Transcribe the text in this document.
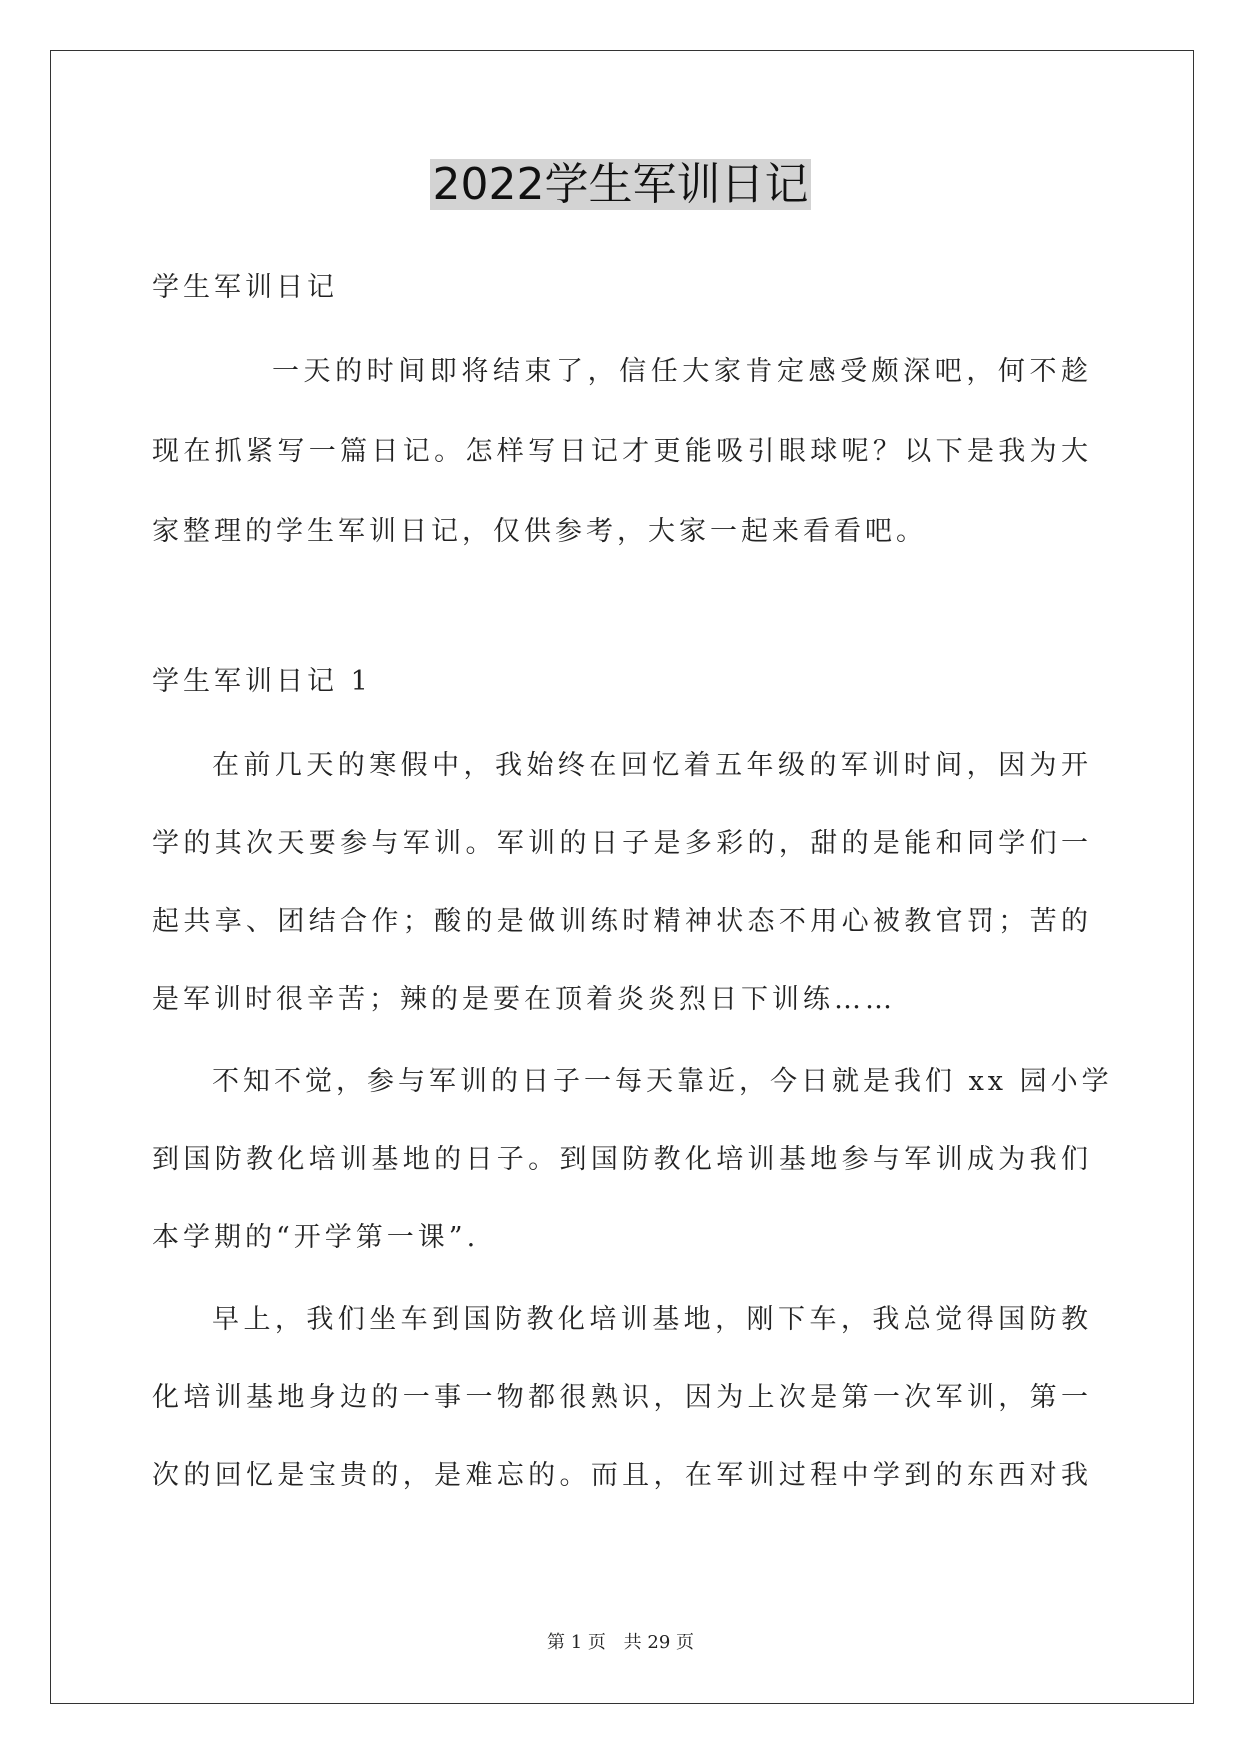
2022学生军训日记
学生军训日记
一天的时间即将结束了，信任大家肯定感受颇深吧，何不趁
现在抓紧写一篇日记。怎样写日记才更能吸引眼球呢？以下是我为大
家整理的学生军训日记，仅供参考，大家一起来看看吧。
学生军训日记 1
在前几天的寒假中，我始终在回忆着五年级的军训时间，因为开
学的其次天要参与军训。军训的日子是多彩的，甜的是能和同学们一
起共享、团结合作；酸的是做训练时精神状态不用心被教官罚；苦的
是军训时很辛苦；辣的是要在顶着炎炎烈日下训练……
不知不觉，参与军训的日子一每天靠近，今日就是我们 xx 园小学
到国防教化培训基地的日子。到国防教化培训基地参与军训成为我们
本学期的“开学第一课”.
早上，我们坐车到国防教化培训基地，刚下车，我总觉得国防教
化培训基地身边的一事一物都很熟识，因为上次是第一次军训，第一
次的回忆是宝贵的，是难忘的。而且，在军训过程中学到的东西对我
第 1 页 共 29 页
